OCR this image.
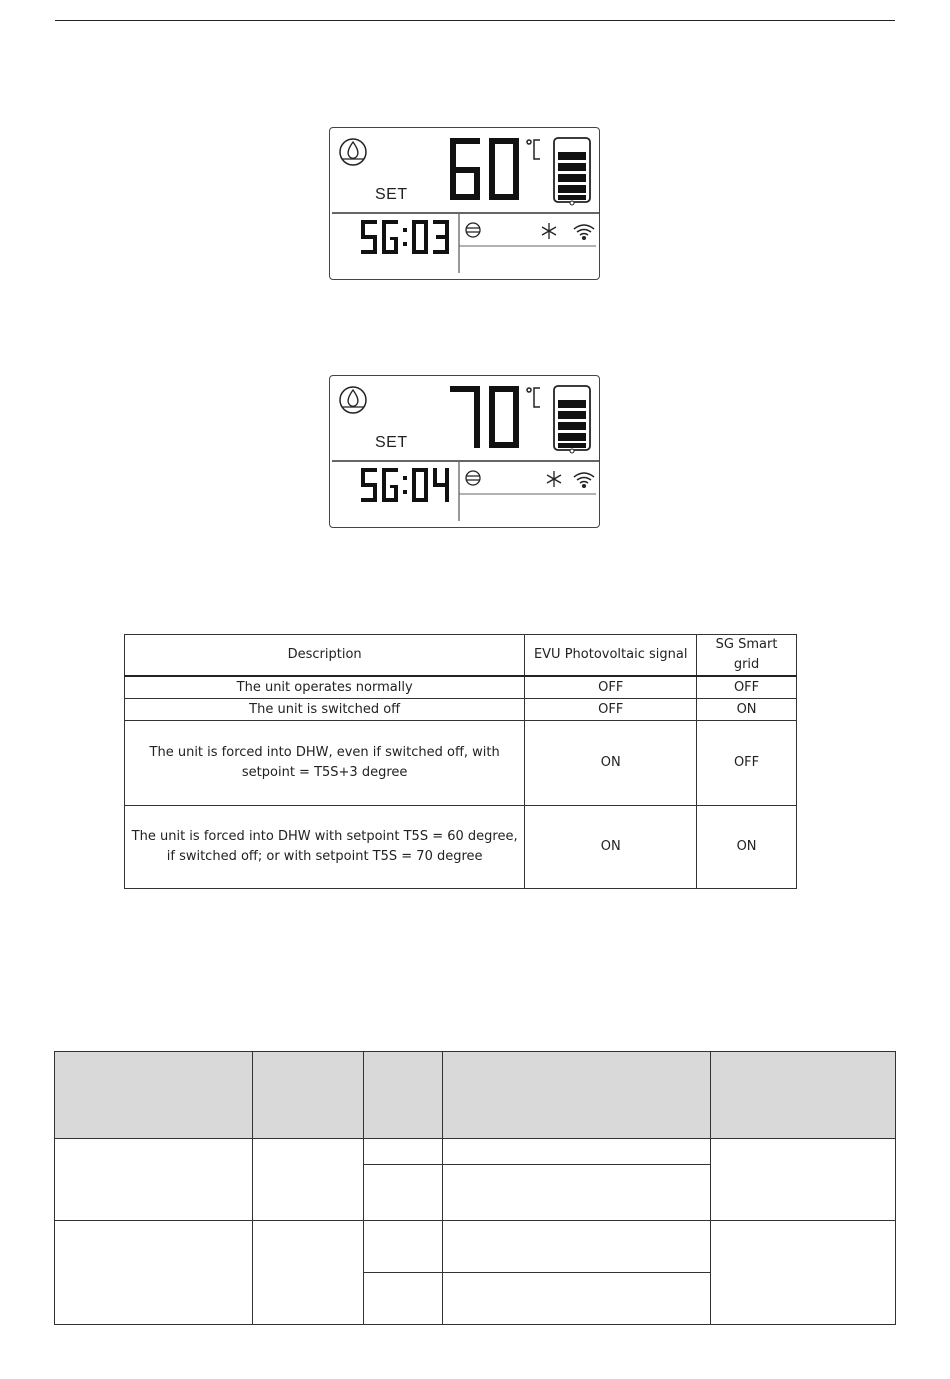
SET
SET
Description	EVU Photovoltaic signal	SG Smart grid
The unit operates normally	OFF	OFF
The unit is switched off	OFF	ON
The unit is forced into DHW, even if switched off, with setpoint = T5S+3 degree	ON	OFF
The unit is forced into DHW with setpoint T5S = 60 degree, if switched off; or with setpoint T5S = 70 degree	ON	ON
